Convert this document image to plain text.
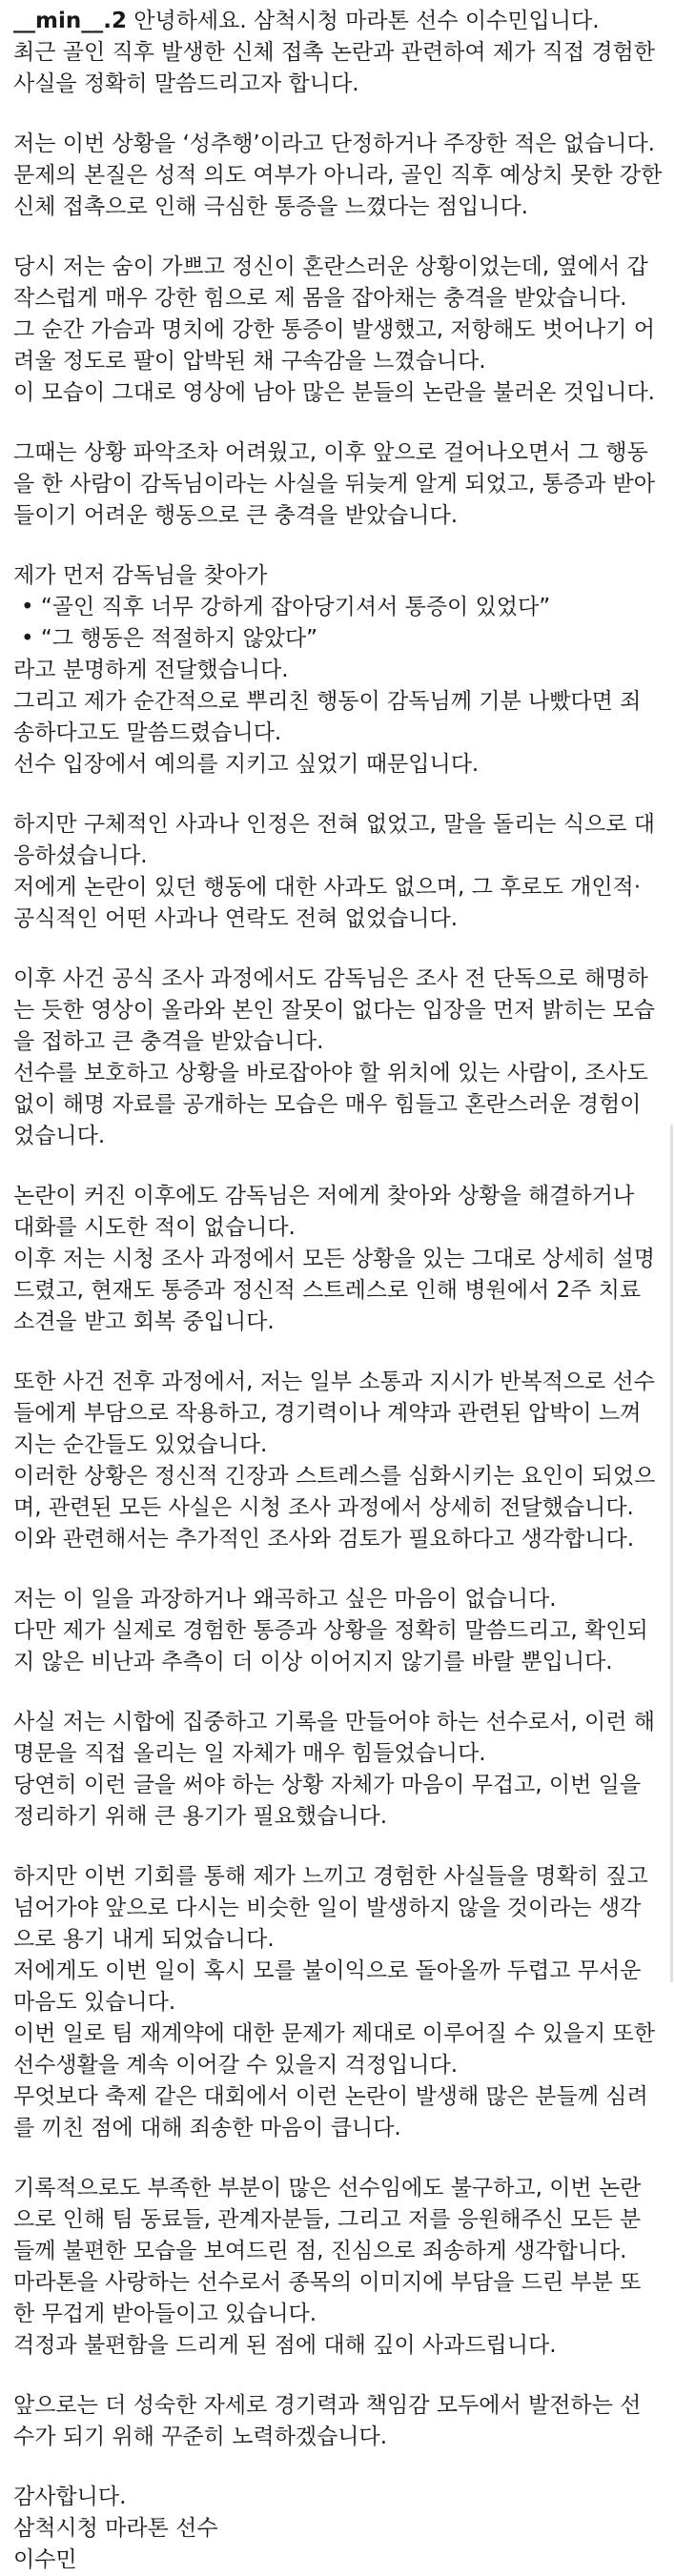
__min__.2 안녕하세요. 삼척시청 마라톤 선수 이수민입니다.
최근 골인 직후 발생한 신체 접촉 논란과 관련하여 제가 직접 경험한
사실을 정확히 말씀드리고자 합니다.
저는 이번 상황을 ‘성추행’이라고 단정하거나 주장한 적은 없습니다.
문제의 본질은 성적 의도 여부가 아니라, 골인 직후 예상치 못한 강한
신체 접촉으로 인해 극심한 통증을 느꼈다는 점입니다.
당시 저는 숨이 가쁘고 정신이 혼란스러운 상황이었는데, 옆에서 갑
작스럽게 매우 강한 힘으로 제 몸을 잡아채는 충격을 받았습니다.
그 순간 가슴과 명치에 강한 통증이 발생했고, 저항해도 벗어나기 어
려울 정도로 팔이 압박된 채 구속감을 느꼈습니다.
이 모습이 그대로 영상에 남아 많은 분들의 논란을 불러온 것입니다.
그때는 상황 파악조차 어려웠고, 이후 앞으로 걸어나오면서 그 행동
을 한 사람이 감독님이라는 사실을 뒤늦게 알게 되었고, 통증과 받아
들이기 어려운 행동으로 큰 충격을 받았습니다.
제가 먼저 감독님을 찾아가
• “골인 직후 너무 강하게 잡아당기셔서 통증이 있었다”
• “그 행동은 적절하지 않았다”
라고 분명하게 전달했습니다.
그리고 제가 순간적으로 뿌리친 행동이 감독님께 기분 나빴다면 죄
송하다고도 말씀드렸습니다.
선수 입장에서 예의를 지키고 싶었기 때문입니다.
하지만 구체적인 사과나 인정은 전혀 없었고, 말을 돌리는 식으로 대
응하셨습니다.
저에게 논란이 있던 행동에 대한 사과도 없으며, 그 후로도 개인적·
공식적인 어떤 사과나 연락도 전혀 없었습니다.
이후 사건 공식 조사 과정에서도 감독님은 조사 전 단독으로 해명하
는 듯한 영상이 올라와 본인 잘못이 없다는 입장을 먼저 밝히는 모습
을 접하고 큰 충격을 받았습니다.
선수를 보호하고 상황을 바로잡아야 할 위치에 있는 사람이, 조사도
없이 해명 자료를 공개하는 모습은 매우 힘들고 혼란스러운 경험이
었습니다.
논란이 커진 이후에도 감독님은 저에게 찾아와 상황을 해결하거나
대화를 시도한 적이 없습니다.
이후 저는 시청 조사 과정에서 모든 상황을 있는 그대로 상세히 설명
드렸고, 현재도 통증과 정신적 스트레스로 인해 병원에서 2주 치료
소견을 받고 회복 중입니다.
또한 사건 전후 과정에서, 저는 일부 소통과 지시가 반복적으로 선수
들에게 부담으로 작용하고, 경기력이나 계약과 관련된 압박이 느껴
지는 순간들도 있었습니다.
이러한 상황은 정신적 긴장과 스트레스를 심화시키는 요인이 되었으
며, 관련된 모든 사실은 시청 조사 과정에서 상세히 전달했습니다.
이와 관련해서는 추가적인 조사와 검토가 필요하다고 생각합니다.
저는 이 일을 과장하거나 왜곡하고 싶은 마음이 없습니다.
다만 제가 실제로 경험한 통증과 상황을 정확히 말씀드리고, 확인되
지 않은 비난과 추측이 더 이상 이어지지 않기를 바랄 뿐입니다.
사실 저는 시합에 집중하고 기록을 만들어야 하는 선수로서, 이런 해
명문을 직접 올리는 일 자체가 매우 힘들었습니다.
당연히 이런 글을 써야 하는 상황 자체가 마음이 무겁고, 이번 일을
정리하기 위해 큰 용기가 필요했습니다.
하지만 이번 기회를 통해 제가 느끼고 경험한 사실들을 명확히 짚고
넘어가야 앞으로 다시는 비슷한 일이 발생하지 않을 것이라는 생각
으로 용기 내게 되었습니다.
저에게도 이번 일이 혹시 모를 불이익으로 돌아올까 두렵고 무서운
마음도 있습니다.
이번 일로 팀 재계약에 대한 문제가 제대로 이루어질 수 있을지 또한
선수생활을 계속 이어갈 수 있을지 걱정입니다.
무엇보다 축제 같은 대회에서 이런 논란이 발생해 많은 분들께 심려
를 끼친 점에 대해 죄송한 마음이 큽니다.
기록적으로도 부족한 부분이 많은 선수임에도 불구하고, 이번 논란
으로 인해 팀 동료들, 관계자분들, 그리고 저를 응원해주신 모든 분
들께 불편한 모습을 보여드린 점, 진심으로 죄송하게 생각합니다.
마라톤을 사랑하는 선수로서 종목의 이미지에 부담을 드린 부분 또
한 무겁게 받아들이고 있습니다.
걱정과 불편함을 드리게 된 점에 대해 깊이 사과드립니다.
앞으로는 더 성숙한 자세로 경기력과 책임감 모두에서 발전하는 선
수가 되기 위해 꾸준히 노력하겠습니다.
감사합니다.
삼척시청 마라톤 선수
이수민
